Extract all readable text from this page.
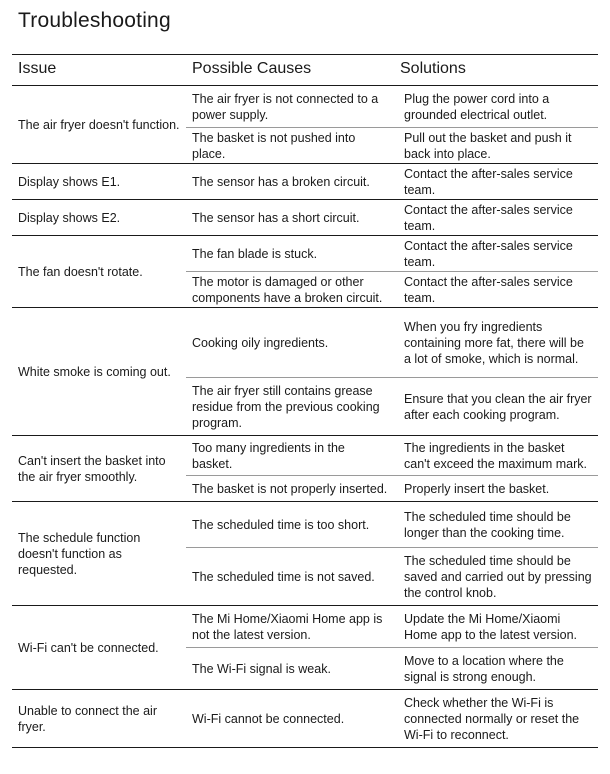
Troubleshooting
Issue	Possible Causes	Solutions
The air fryer doesn't function.	The air fryer is not connected to a power supply.	Plug the power cord into a grounded electrical outlet.
	The basket is not pushed into place.	Pull out the basket and push it back into place.
Display shows E1.	The sensor has a broken circuit.	Contact the after-sales service team.
Display shows E2.	The sensor has a short circuit.	Contact the after-sales service team.
The fan doesn't rotate.	The fan blade is stuck.	Contact the after-sales service team.
	The motor is damaged or other components have a broken circuit.	Contact the after-sales service team.
White smoke is coming out.	Cooking oily ingredients.	When you fry ingredients containing more fat, there will be a lot of smoke, which is normal.
	The air fryer still contains grease residue from the previous cooking program.	Ensure that you clean the air fryer after each cooking program.
Can't insert the basket into the air fryer smoothly.	Too many ingredients in the basket.	The ingredients in the basket can't exceed the maximum mark.
	The basket is not properly inserted.	Properly insert the basket.
The schedule function doesn't function as requested.	The scheduled time is too short.	The scheduled time should be longer than the cooking time.
	The scheduled time is not saved.	The scheduled time should be saved and carried out by pressing the control knob.
Wi-Fi can't be connected.	The Mi Home/Xiaomi Home app is not the latest version.	Update the Mi Home/Xiaomi Home app to the latest version.
	The Wi-Fi signal is weak.	Move to a location where the signal is strong enough.
Unable to connect the air fryer.	Wi-Fi cannot be connected.	Check whether the Wi-Fi is connected normally or reset the Wi-Fi to reconnect.
